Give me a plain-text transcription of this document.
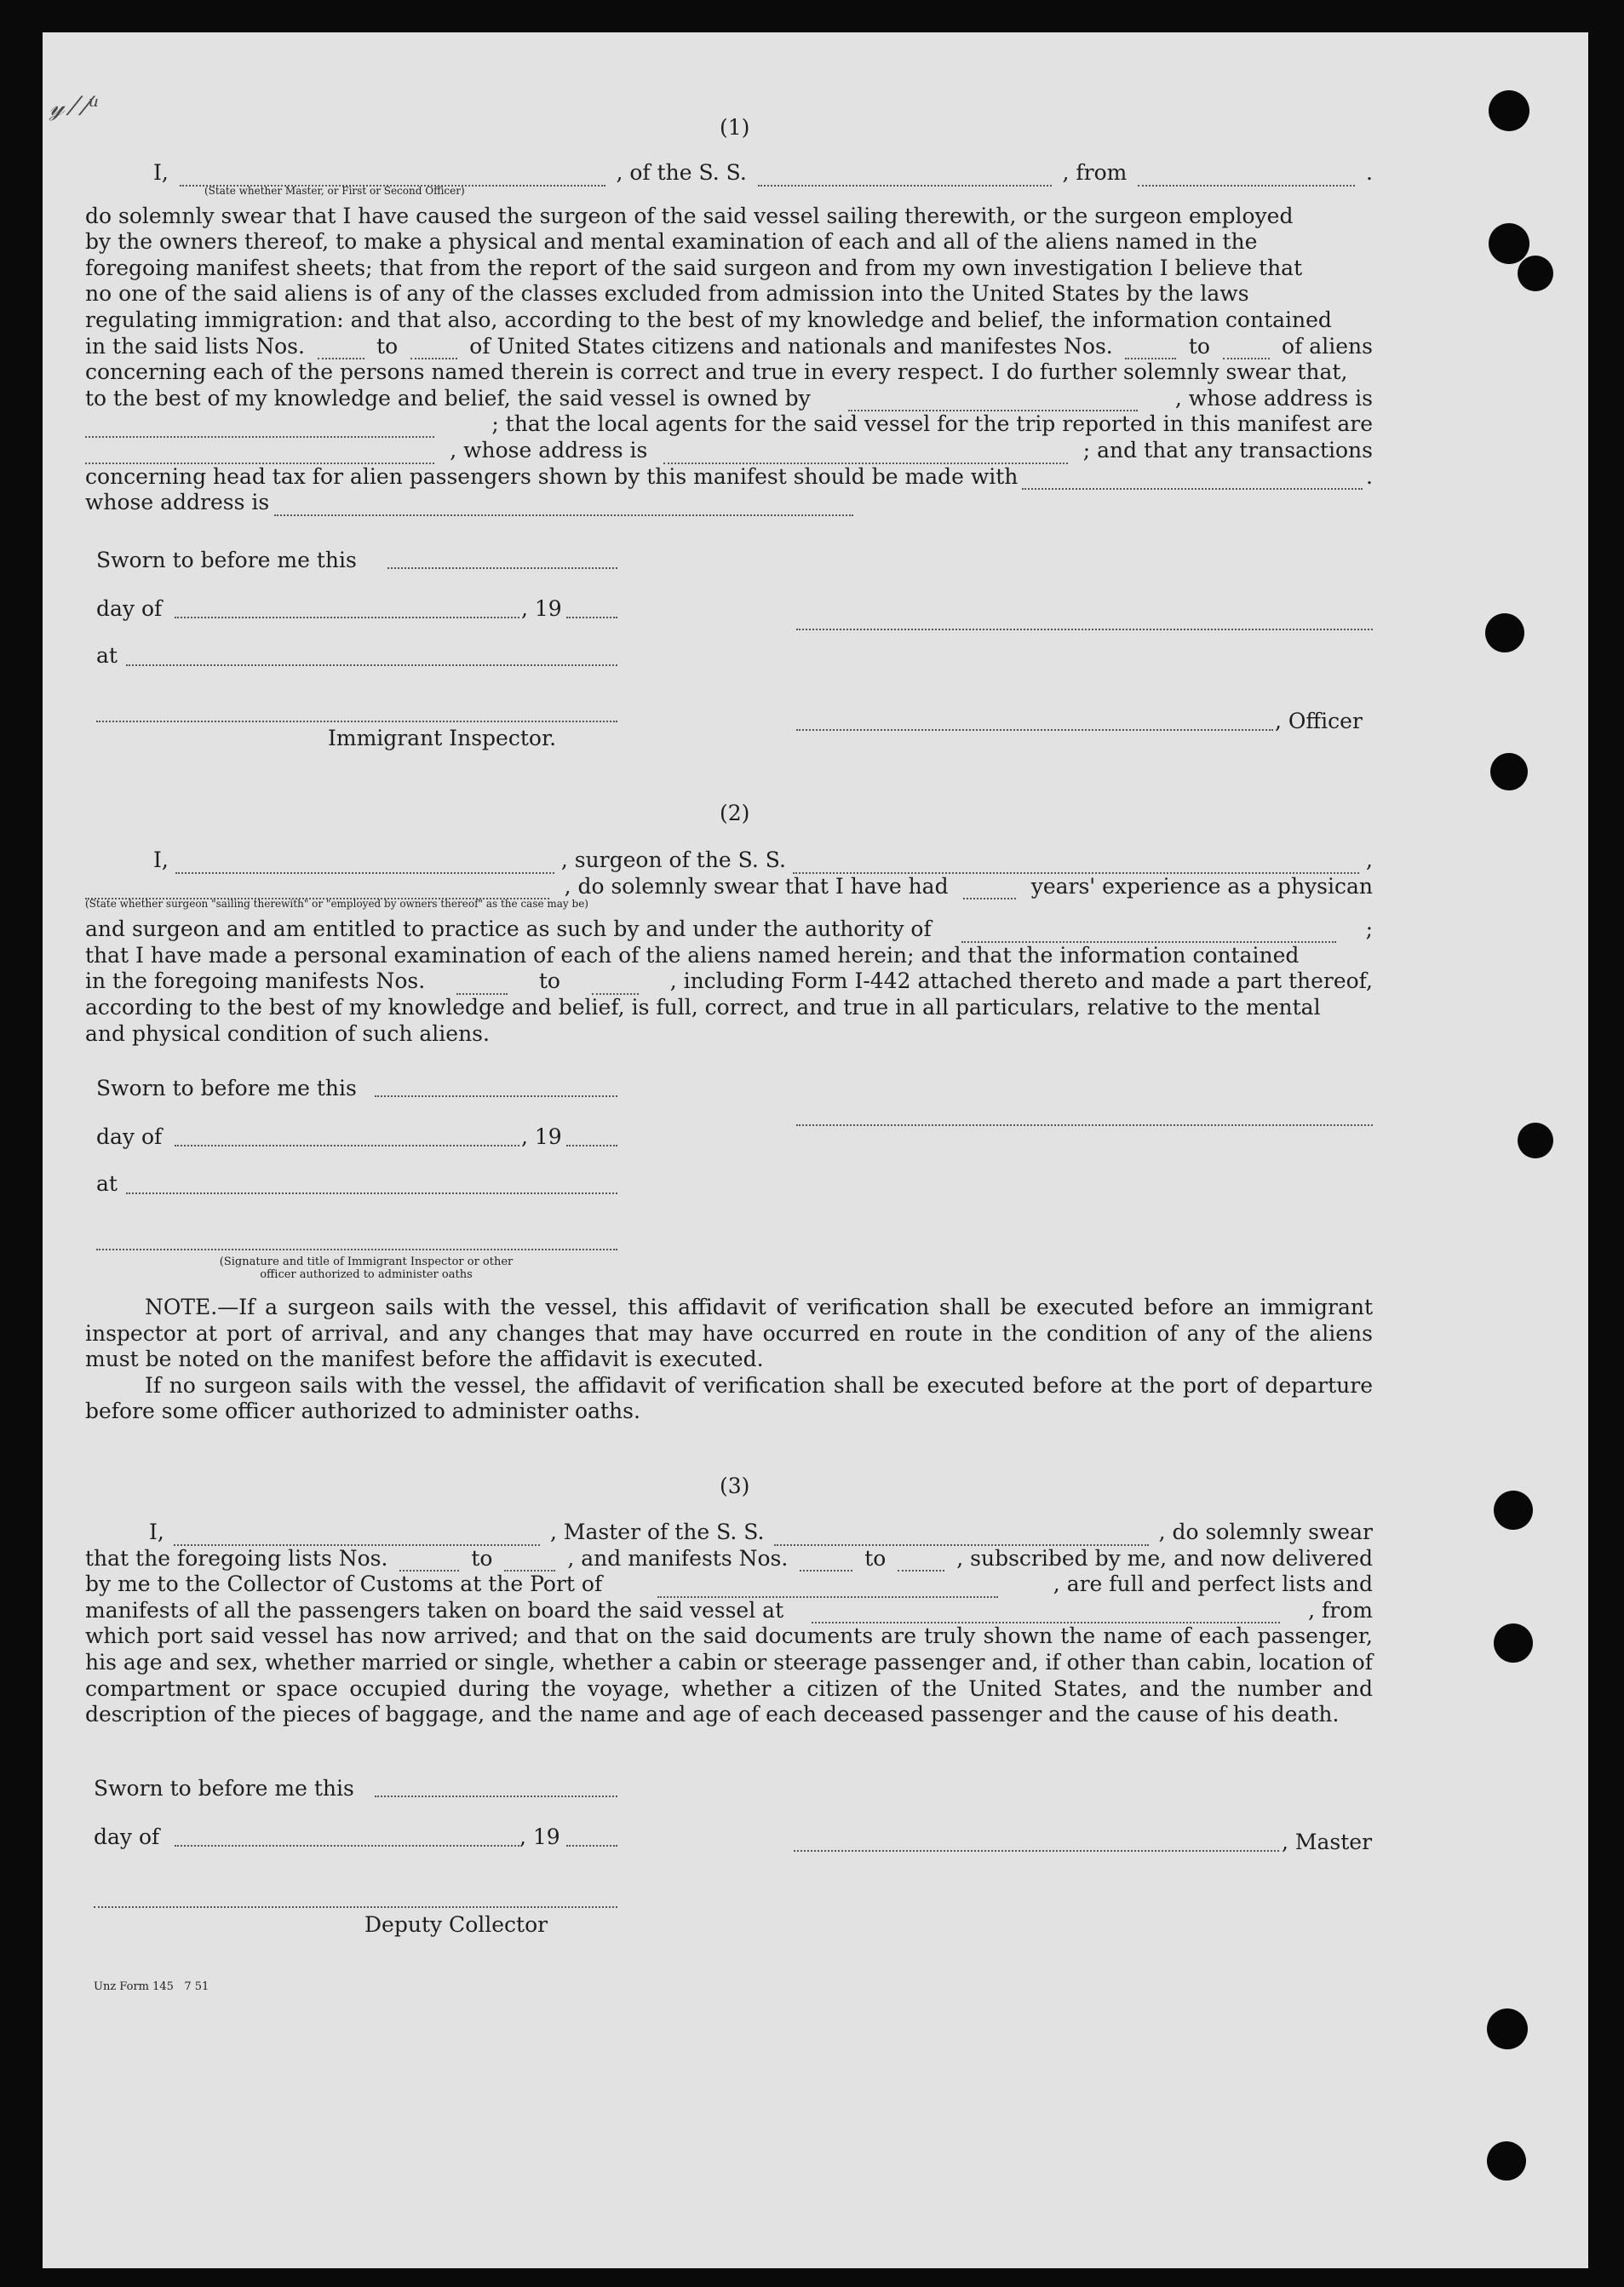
𝓎 ⁄ ⁄ᵘ
(1)
I,	, of the S. S.	, from	.
(State whether Master, or First or Second Officer)

do solemnly swear that I have caused the surgeon of the said vessel sailing therewith, or the surgeon employed

by the owners thereof, to make a physical and mental examination of each and all of the aliens named in the

foregoing manifest sheets; that from the report of the said surgeon and from my own investigation I believe that

no one of the said aliens is of any of the classes excluded from admission into the United States by the laws

regulating immigration: and that also, according to the best of my knowledge and belief, the information contained

in the said lists Nos.	to	of United States citizens and nationals and manifestes Nos.	to	of aliens

concerning each of the persons named therein is correct and true in every respect. I do further solemnly swear that,

to the best of my knowledge and belief, the said vessel is owned by	, whose address is
; that the local agents for the said vessel for the trip reported in this manifest are
, whose address is	; and that any transactions
concerning head tax for alien passengers shown by this manifest should be made with	.
whose address is
Sworn to before me this
day of	, 19
at
, Officer
Immigrant Inspector.
(2)
I,	, surgeon of the S. S.	,
, do solemnly swear that I have had	years' experience as a physican
(State whether surgeon "sailing therewith" or "employed by owners thereof" as the case may be)
and surgeon and am entitled to practice as such by and under the authority of	;

that I have made a personal examination of each of the aliens named herein; and that the information contained

in the foregoing manifests Nos.	to	, including Form I-442 attached thereto and made a part thereof,

according to the best of my knowledge and belief, is full, correct, and true in all particulars, relative to the mental

and physical condition of such aliens.

Sworn to before me this
day of	, 19
at
(Signature and title of Immigrant Inspector or other
officer authorized to administer oaths

NOTE.—If a surgeon sails with the vessel, this affidavit of verification shall be executed before an immigrant inspector at port of arrival, and any changes that may have occurred en route in the condition of any of the aliens must be noted on the manifest before the affidavit is executed.

If no surgeon sails with the vessel, the affidavit of verification shall be executed before at the port of departure before some officer authorized to administer oaths.

(3)
I,	, Master of the S. S.	, do solemnly swear
that the foregoing lists Nos.	to	, and manifests Nos.	to	, subscribed by me, and now delivered
by me to the Collector of Customs at the Port of	, are full and perfect lists and
manifests of all the passengers taken on board the said vessel at	, from

which port said vessel has now arrived; and that on the said documents are truly shown the name of each passenger, his age and sex, whether married or single, whether a cabin or steerage passenger and, if other than cabin, location of compartment or space occupied during the voyage, whether a citizen of the United States, and the number and description of the pieces of baggage, and the name and age of each deceased passenger and the cause of his death.

Sworn to before me this
day of	, 19	, Master
Deputy Collector
Unz Form 145   7 51
